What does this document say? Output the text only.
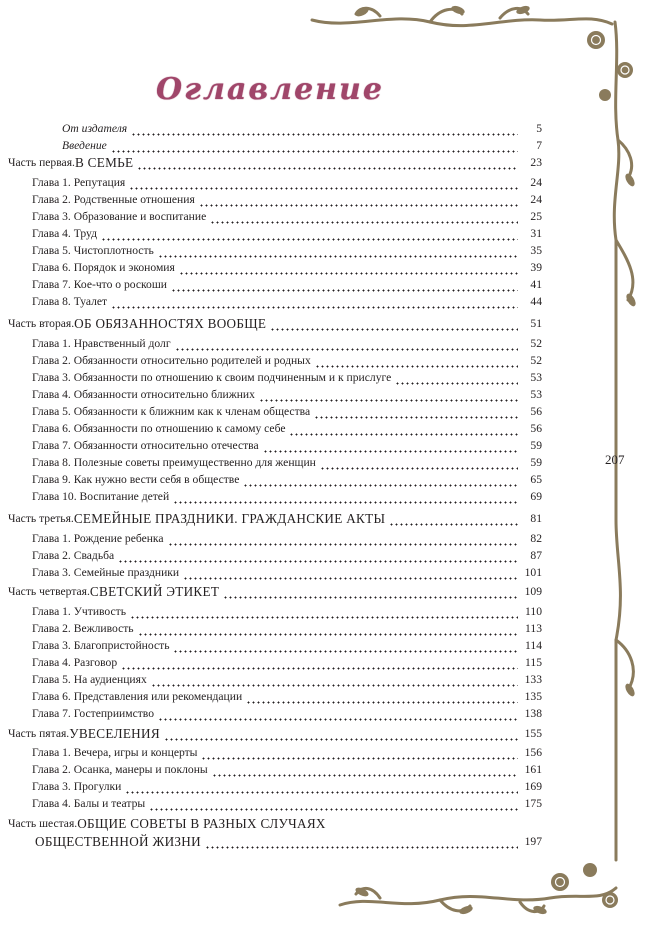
Оглавление
207
От издателя	5
Введение	7
Часть первая. В СЕМЬЕ	23
Глава 1. Репутация	24
Глава 2. Родственные отношения	24
Глава 3. Образование и воспитание	25
Глава 4. Труд	31
Глава 5. Чистоплотность	35
Глава 6. Порядок и экономия	39
Глава 7. Кое-что о роскоши	41
Глава 8. Туалет	44
Часть вторая. ОБ ОБЯЗАННОСТЯХ ВООБЩЕ	51
Глава 1. Нравственный долг	52
Глава 2. Обязанности относительно родителей и родных	52
Глава 3. Обязанности по отношению к своим подчиненным и к прислуге	53
Глава 4. Обязанности относительно ближних	53
Глава 5. Обязанности к ближним как к членам общества	56
Глава 6. Обязанности по отношению к самому себе	56
Глава 7. Обязанности относительно отечества	59
Глава 8. Полезные советы преимущественно для женщин	59
Глава 9. Как нужно вести себя в обществе	65
Глава 10. Воспитание детей	69
Часть третья. СЕМЕЙНЫЕ ПРАЗДНИКИ. ГРАЖДАНСКИЕ АКТЫ	81
Глава 1. Рождение ребенка	82
Глава 2. Свадьба	87
Глава 3. Семейные праздники	101
Часть четвертая. СВЕТСКИЙ ЭТИКЕТ	109
Глава 1. Учтивость	110
Глава 2. Вежливость	113
Глава 3. Благопристойность	114
Глава 4. Разговор	115
Глава 5. На аудиенциях	133
Глава 6. Представления или рекомендации	135
Глава 7. Гостеприимство	138
Часть пятая. УВЕСЕЛЕНИЯ	155
Глава 1. Вечера, игры и концерты	156
Глава 2. Осанка, манеры и поклоны	161
Глава 3. Прогулки	169
Глава 4. Балы и театры	175
Часть шестая. ОБЩИЕ СОВЕТЫ В РАЗНЫХ СЛУЧАЯХ
ОБЩЕСТВЕННОЙ ЖИЗНИ	197
